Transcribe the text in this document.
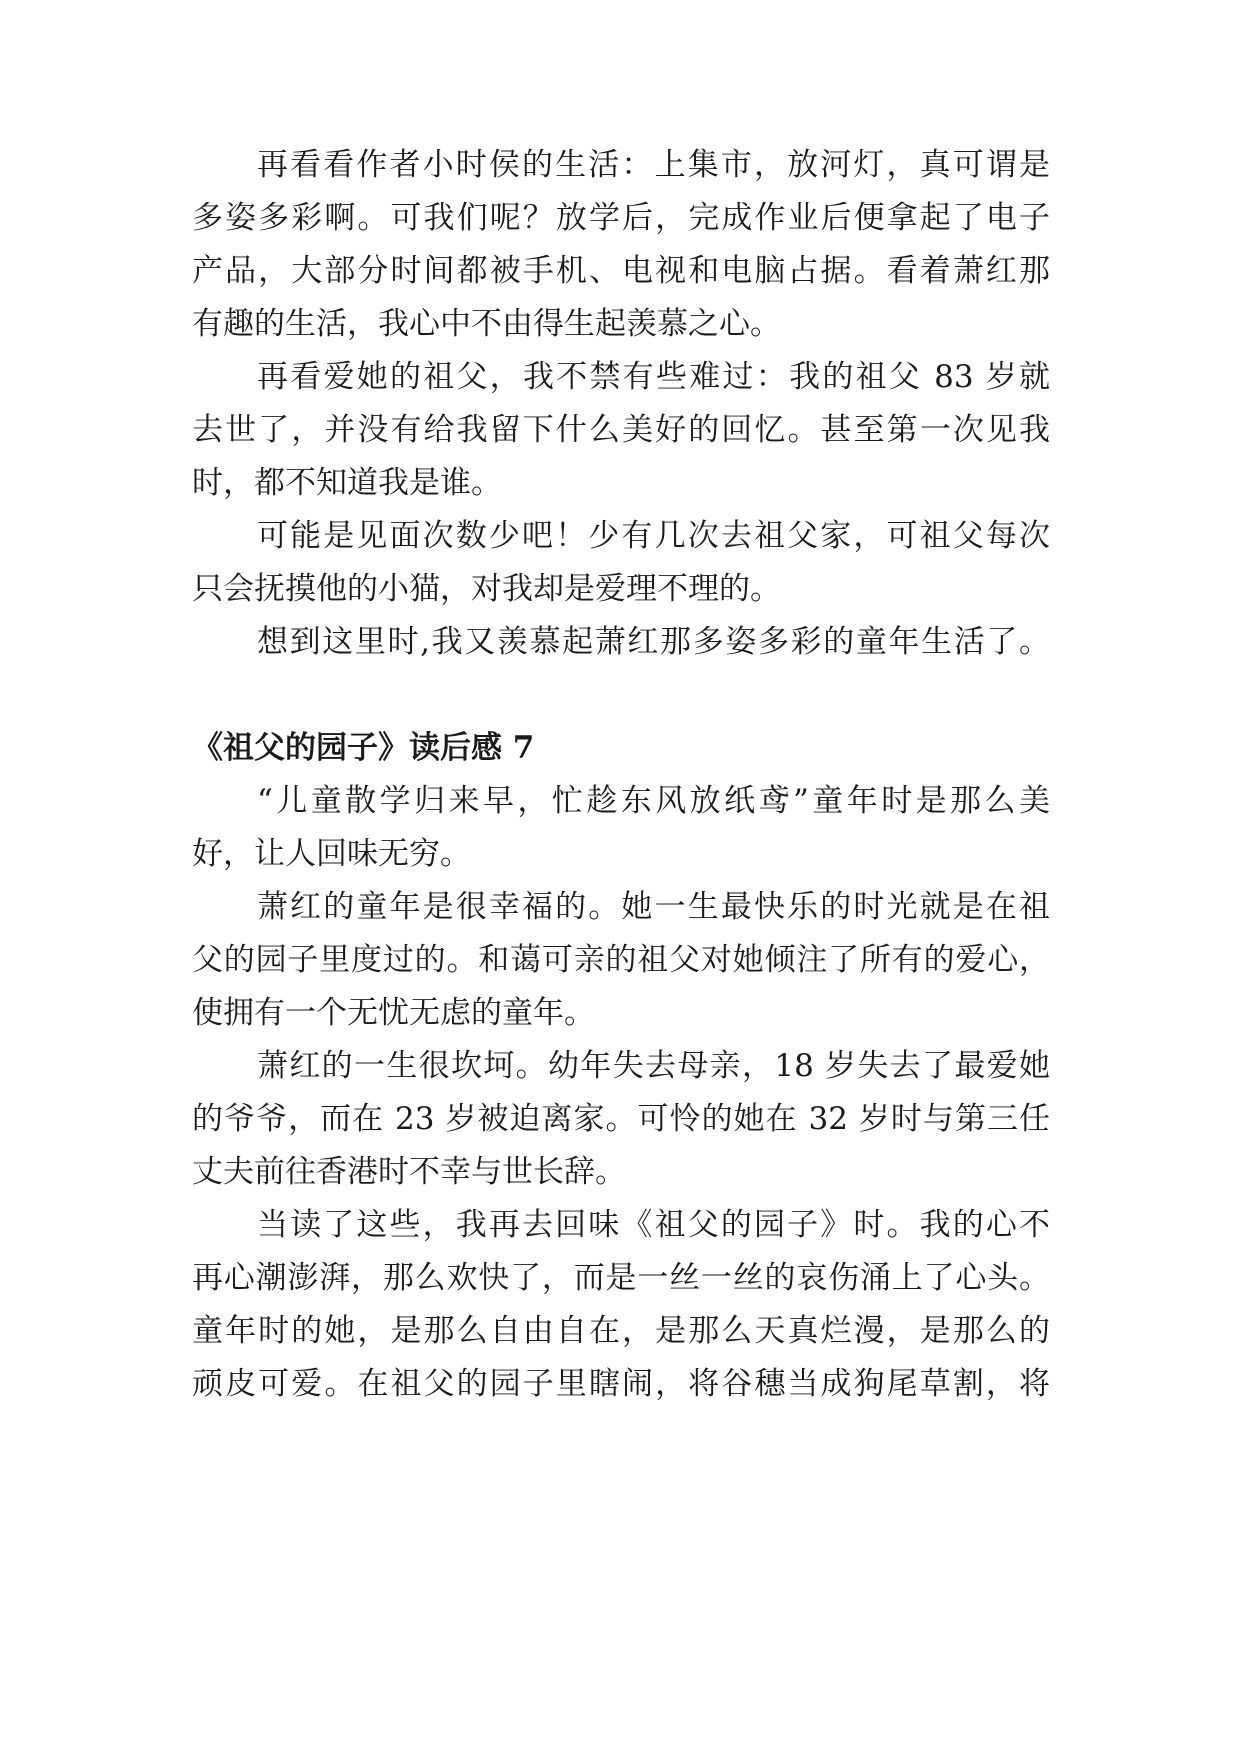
再看看作者小时侯的生活：上集市，放河灯，真可谓是

多姿多彩啊。可我们呢？放学后，完成作业后便拿起了电子

产品，大部分时间都被手机、电视和电脑占据。看着萧红那

有趣的生活，我心中不由得生起羡慕之心。

再看爱她的祖父，我不禁有些难过：我的祖父 83 岁就

去世了，并没有给我留下什么美好的回忆。甚至第一次见我

时，都不知道我是谁。

可能是见面次数少吧！少有几次去祖父家，可祖父每次

只会抚摸他的小猫，对我却是爱理不理的。

想到这里时,我又羡慕起萧红那多姿多彩的童年生活了。

《祖父的园子》读后感 7

“儿童散学归来早，忙趁东风放纸鸢”童年时是那么美

好，让人回味无穷。

萧红的童年是很幸福的。她一生最快乐的时光就是在祖

父的园子里度过的。和蔼可亲的祖父对她倾注了所有的爱心，

使拥有一个无忧无虑的童年。

萧红的一生很坎坷。幼年失去母亲，18 岁失去了最爱她

的爷爷，而在 23 岁被迫离家。可怜的她在 32 岁时与第三任

丈夫前往香港时不幸与世长辞。

当读了这些，我再去回味《祖父的园子》时。我的心不

再心潮澎湃，那么欢快了，而是一丝一丝的哀伤涌上了心头。

童年时的她，是那么自由自在，是那么天真烂漫，是那么的

顽皮可爱。在祖父的园子里瞎闹，将谷穗当成狗尾草割，将
